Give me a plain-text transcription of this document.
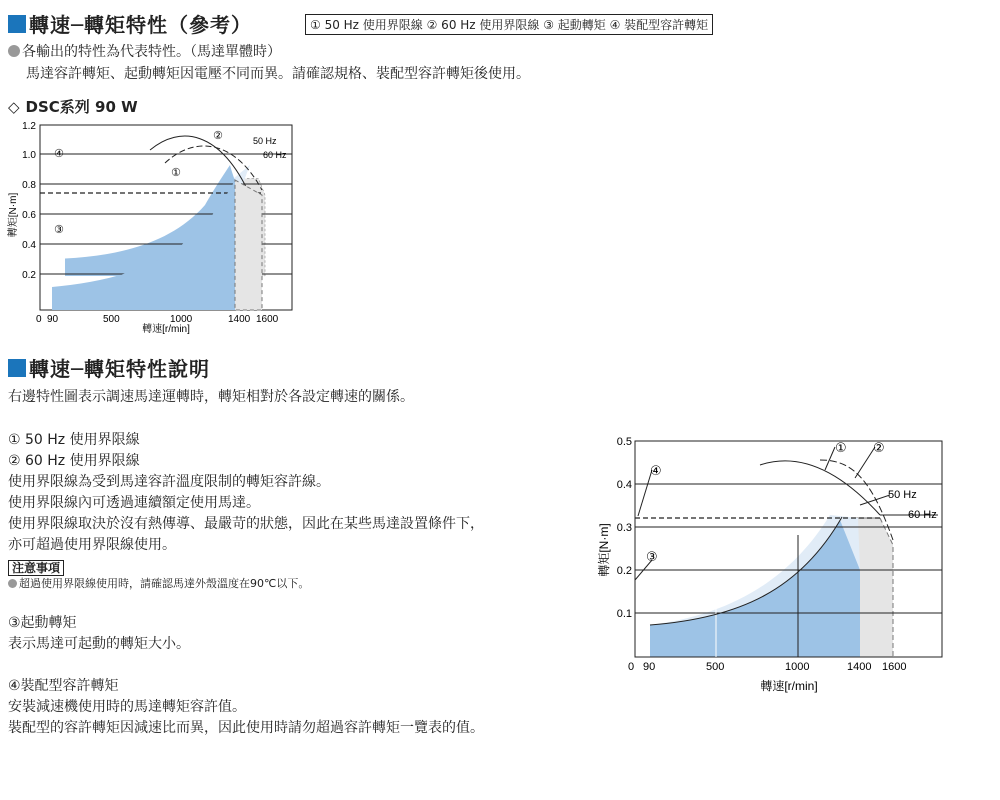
轉速─轉矩特性（參考）	① 50 Hz 使用界限線 ② 60 Hz 使用界限線 ③ 起動轉矩 ④ 裝配型容許轉矩
各輸出的特性為代表特性。（馬達單體時）
馬達容許轉矩、起動轉矩因電壓不同而異。請確認規格、裝配型容許轉矩後使用。
◇ DSC系列 90 W
1.2
1.0
0.8
0.6
0.4
0.2
0 90	500	1000	1400 1600
轉速[r/min]
轉矩[N·m]
50 Hz
60 Hz
②
①
④
③
轉速─轉矩特性說明
右邊特性圖表示調速馬達運轉時，轉矩相對於各設定轉速的關係。
① 50 Hz 使用界限線
② 60 Hz 使用界限線
使用界限線為受到馬達容許溫度限制的轉矩容許線。
使用界限線內可透過連續額定使用馬達。
使用界限線取決於沒有熱傳導、最嚴苛的狀態，因此在某些馬達設置條件下，
亦可超過使用界限線使用。
注意事項
超過使用界限線使用時，請確認馬達外殼溫度在90℃以下。
③起動轉矩
表示馬達可起動的轉矩大小。
④裝配型容許轉矩
安裝減速機使用時的馬達轉矩容許值。
裝配型的容許轉矩因減速比而異，因此使用時請勿超過容許轉矩一覽表的值。
0.5
0.4
0.3
0.2
0.1
0 90	500	1000	1400 1600
轉速[r/min]
轉矩[N·m]
50 Hz
60 Hz
① ②
④
③
